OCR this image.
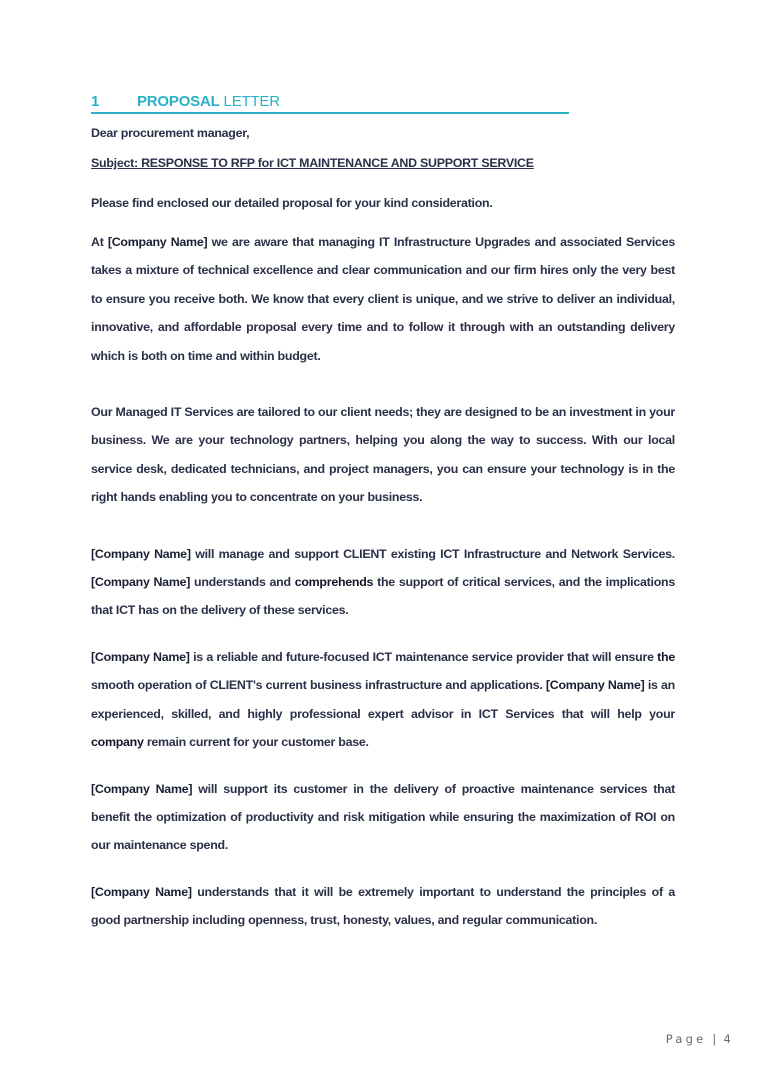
1	PROPOSAL
LETTER

Dear procurement manager,

Subject: RESPONSE TO RFP for ICT MAINTENANCE AND SUPPORT SERVICE

Please find enclosed our detailed proposal for your kind consideration.

At [Company Name] we are aware that managing IT Infrastructure Upgrades and associated Services takes a mixture of technical excellence and clear communication and our firm hires only the very best to ensure you receive both. We know that every client is unique, and we strive to deliver an individual, innovative, and affordable proposal every time and to follow it through with an outstanding delivery which is both on time and within budget.

Our Managed IT Services are tailored to our client needs; they are designed to be an investment in your business. We are your technology partners, helping you along the way to success. With our local service desk, dedicated technicians, and project managers, you can ensure your technology is in the right hands enabling you to concentrate on your business.

[Company Name] will manage and support CLIENT existing ICT Infrastructure and Network Services. [Company Name] understands and comprehends the support of critical services, and the implications that ICT has on the delivery of these services.

[Company Name] is a reliable and future-focused ICT maintenance service provider that will ensure the smooth operation of CLIENT's current business infrastructure and applications. [Company Name] is an experienced, skilled, and highly professional expert advisor in ICT Services that will help your company remain current for your customer base.

[Company Name] will support its customer in the delivery of proactive maintenance services that benefit the optimization of productivity and risk mitigation while ensuring the maximization of ROI on our maintenance spend.

[Company Name] understands that it will be extremely important to understand the principles of a good partnership including openness, trust, honesty, values, and regular communication.

Page | 4
